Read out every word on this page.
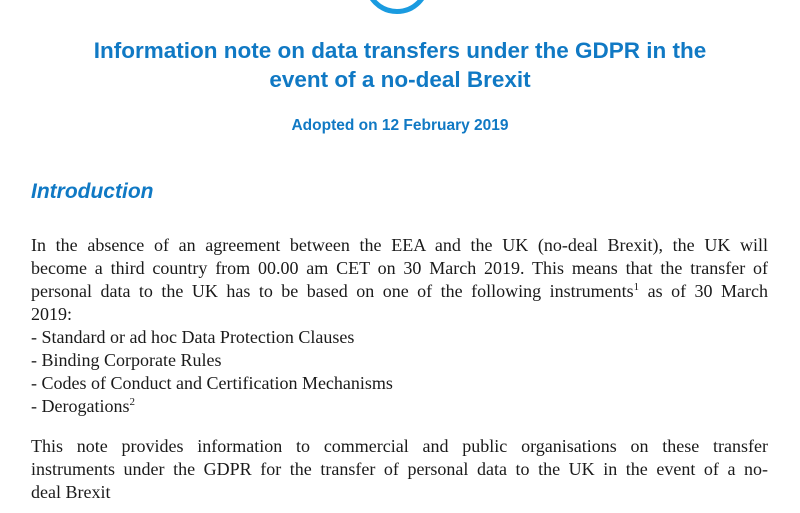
Information note on data transfers under the GDPR in the
event of a no-deal Brexit

Adopted on 12 February 2019

Introduction
In the absence of an agreement between the EEA and the UK (no-deal Brexit), the UK will
become a third country from 00.00 am CET on 30 March 2019. This means that the transfer of
personal data to the UK has to be based on one of the following instruments$^1$ as of 30 March
2019:
- Standard or ad hoc Data Protection Clauses
- Binding Corporate Rules
- Codes of Conduct and Certification Mechanisms
- Derogations$^2$
This note provides information to commercial and public organisations on these transfer
instruments under the GDPR for the transfer of personal data to the UK in the event of a no-
deal Brexit
